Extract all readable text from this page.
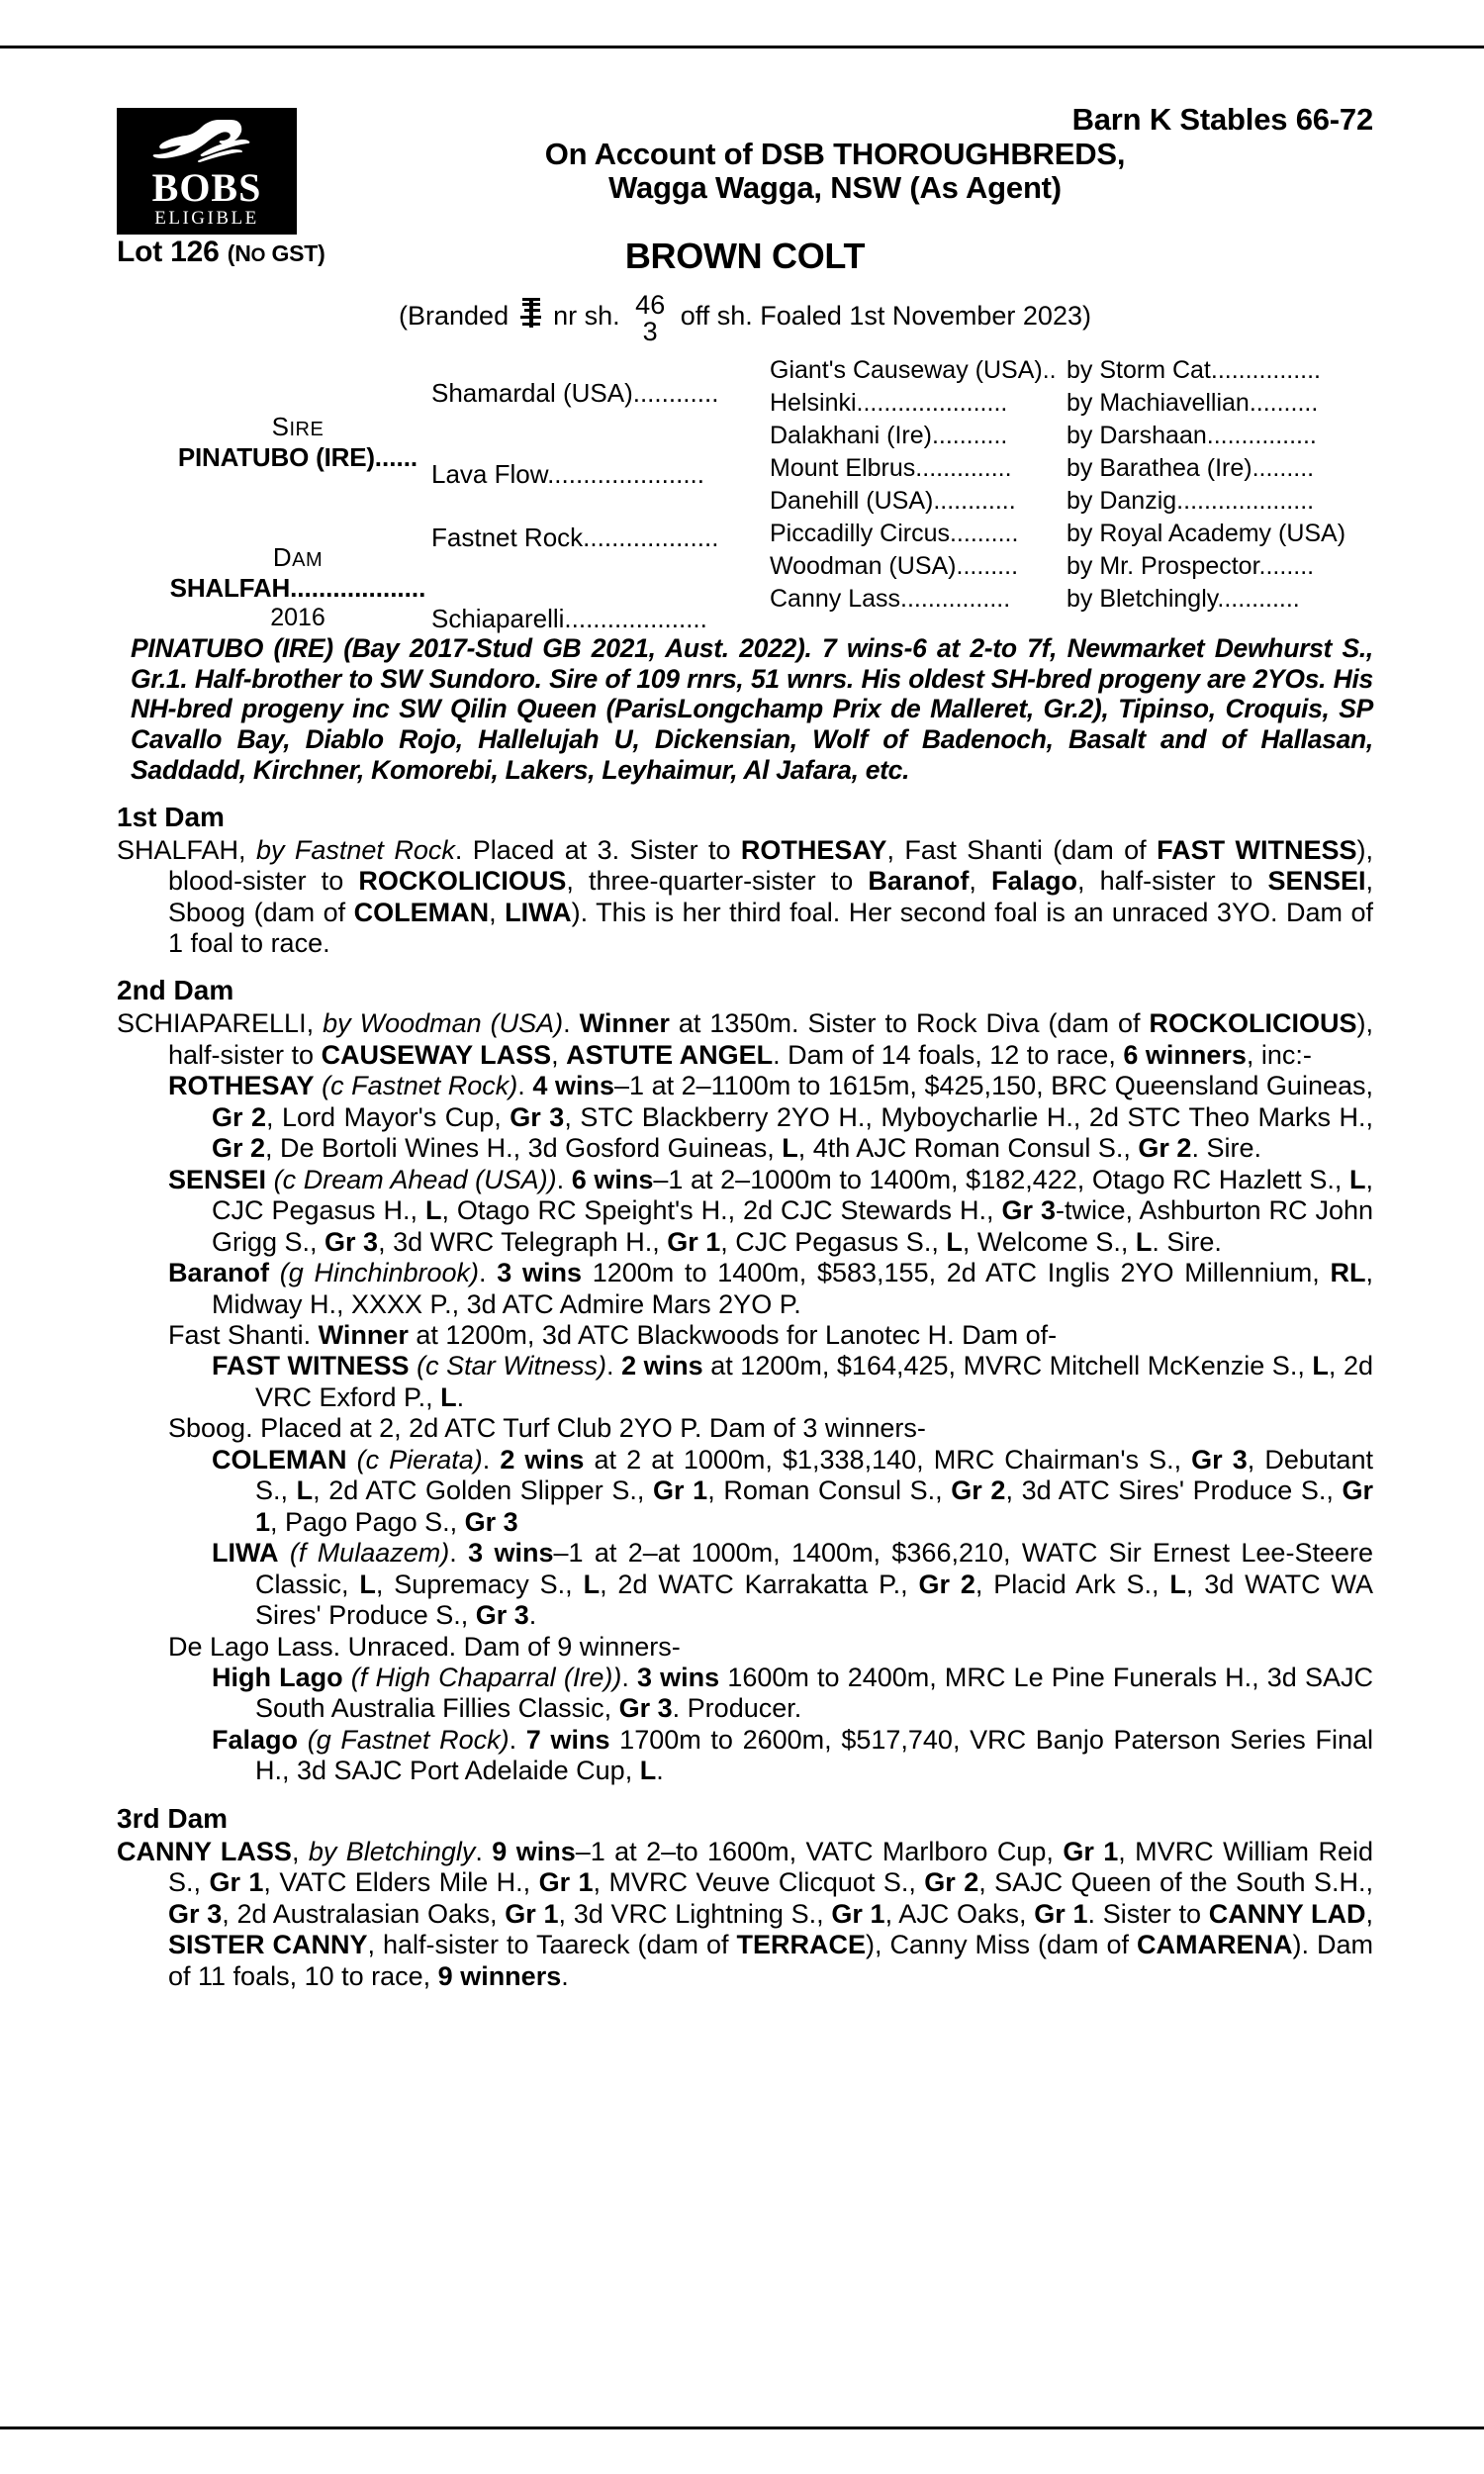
BOBS
ELIGIBLE
Barn K Stables 66-72
On Account of DSB THOROUGHBREDS,
Wagga Wagga, NSW (As Agent)
Lot 126 (NO GST)	BROWN COLT
(Branded nr sh. 46
3
off sh. Foaled 1st November 2023)
SIRE
PINATUBO (IRE)......
DAM
SHALFAH...................
2016
Shamardal (USA)............
Lava Flow......................
Fastnet Rock...................
Schiaparelli....................
Giant's Causeway (USA).. by Storm Cat................
Helsinki......................	by Machiavellian..........
Dalakhani (Ire)...........	by Darshaan................
Mount Elbrus..............	by Barathea (Ire).........
Danehill (USA)............	by Danzig....................
Piccadilly Circus..........	by Royal Academy (USA)
Woodman (USA).........	by Mr. Prospector........
Canny Lass................	by Bletchingly............
PINATUBO (IRE) (Bay 2017-Stud GB 2021, Aust. 2022). 7 wins-6 at 2-to 7f, Newmarket Dewhurst S., Gr.1. Half-brother to SW Sundoro. Sire of 109 rnrs, 51 wnrs. His oldest SH-bred progeny are 2YOs. His NH-bred progeny inc SW Qilin Queen (ParisLongchamp Prix de Malleret, Gr.2), Tipinso, Croquis, SP Cavallo Bay, Diablo Rojo, Hallelujah U, Dickensian, Wolf of Badenoch, Basalt and of Hallasan, Saddadd, Kirchner, Komorebi, Lakers, Leyhaimur, Al Jafara, etc.
1st Dam

SHALFAH, by Fastnet Rock. Placed at 3. Sister to ROTHESAY, Fast Shanti (dam of FAST WITNESS), blood-sister to ROCKOLICIOUS, three-quarter-sister to Baranof, Falago, half-sister to SENSEI, Sboog (dam of COLEMAN, LIWA). This is her third foal. Her second foal is an unraced 3YO. Dam of 1 foal to race.

2nd Dam

SCHIAPARELLI, by Woodman (USA). Winner at 1350m. Sister to Rock Diva (dam of ROCKOLICIOUS), half-sister to CAUSEWAY LASS, ASTUTE ANGEL. Dam of 14 foals, 12 to race, 6 winners, inc:-

ROTHESAY (c Fastnet Rock). 4 wins–1 at 2–1100m to 1615m, $425,150, BRC Queensland Guineas, Gr 2, Lord Mayor's Cup, Gr 3, STC Blackberry 2YO H., Myboycharlie H., 2d STC Theo Marks H., Gr 2, De Bortoli Wines H., 3d Gosford Guineas, L, 4th AJC Roman Consul S., Gr 2. Sire.

SENSEI (c Dream Ahead (USA)). 6 wins–1 at 2–1000m to 1400m, $182,422, Otago RC Hazlett S., L, CJC Pegasus H., L, Otago RC Speight's H., 2d CJC Stewards H., Gr 3-twice, Ashburton RC John Grigg S., Gr 3, 3d WRC Telegraph H., Gr 1, CJC Pegasus S., L, Welcome S., L. Sire.

Baranof (g Hinchinbrook). 3 wins 1200m to 1400m, $583,155, 2d ATC Inglis 2YO Millennium, RL, Midway H., XXXX P., 3d ATC Admire Mars 2YO P.

Fast Shanti. Winner at 1200m, 3d ATC Blackwoods for Lanotec H. Dam of-

FAST WITNESS (c Star Witness). 2 wins at 1200m, $164,425, MVRC Mitchell McKenzie S., L, 2d VRC Exford P., L.

Sboog. Placed at 2, 2d ATC Turf Club 2YO P. Dam of 3 winners-

COLEMAN (c Pierata). 2 wins at 2 at 1000m, $1,338,140, MRC Chairman's S., Gr 3, Debutant S., L, 2d ATC Golden Slipper S., Gr 1, Roman Consul S., Gr 2, 3d ATC Sires' Produce S., Gr 1, Pago Pago S., Gr 3

LIWA (f Mulaazem). 3 wins–1 at 2–at 1000m, 1400m, $366,210, WATC Sir Ernest Lee-Steere Classic, L, Supremacy S., L, 2d WATC Karrakatta P., Gr 2, Placid Ark S., L, 3d WATC WA Sires' Produce S., Gr 3.

De Lago Lass. Unraced. Dam of 9 winners-

High Lago (f High Chaparral (Ire)). 3 wins 1600m to 2400m, MRC Le Pine Funerals H., 3d SAJC South Australia Fillies Classic, Gr 3. Producer.

Falago (g Fastnet Rock). 7 wins 1700m to 2600m, $517,740, VRC Banjo Paterson Series Final H., 3d SAJC Port Adelaide Cup, L.

3rd Dam

CANNY LASS, by Bletchingly. 9 wins–1 at 2–to 1600m, VATC Marlboro Cup, Gr 1, MVRC William Reid S., Gr 1, VATC Elders Mile H., Gr 1, MVRC Veuve Clicquot S., Gr 2, SAJC Queen of the South S.H., Gr 3, 2d Australasian Oaks, Gr 1, 3d VRC Lightning S., Gr 1, AJC Oaks, Gr 1. Sister to CANNY LAD, SISTER CANNY, half-sister to Taareck (dam of TERRACE), Canny Miss (dam of CAMARENA). Dam of 11 foals, 10 to race, 9 winners.
